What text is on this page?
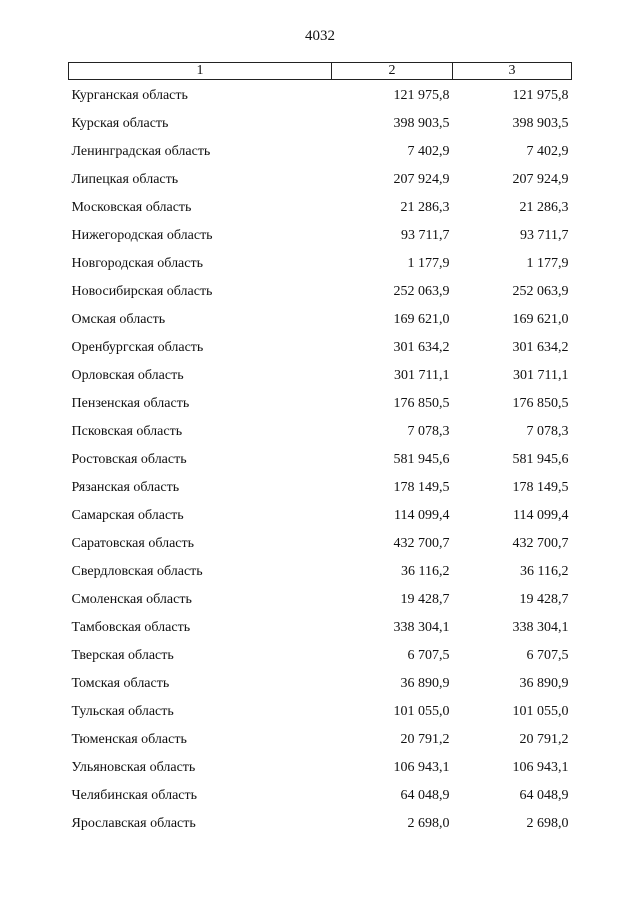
4032
1	2	3
Курганская область	121 975,8	121 975,8
Курская область	398 903,5	398 903,5
Ленинградская область	7 402,9	7 402,9
Липецкая область	207 924,9	207 924,9
Московская область	21 286,3	21 286,3
Нижегородская область	93 711,7	93 711,7
Новгородская область	1 177,9	1 177,9
Новосибирская область	252 063,9	252 063,9
Омская область	169 621,0	169 621,0
Оренбургская область	301 634,2	301 634,2
Орловская область	301 711,1	301 711,1
Пензенская область	176 850,5	176 850,5
Псковская область	7 078,3	7 078,3
Ростовская область	581 945,6	581 945,6
Рязанская область	178 149,5	178 149,5
Самарская область	114 099,4	114 099,4
Саратовская область	432 700,7	432 700,7
Свердловская область	36 116,2	36 116,2
Смоленская область	19 428,7	19 428,7
Тамбовская область	338 304,1	338 304,1
Тверская область	6 707,5	6 707,5
Томская область	36 890,9	36 890,9
Тульская область	101 055,0	101 055,0
Тюменская область	20 791,2	20 791,2
Ульяновская область	106 943,1	106 943,1
Челябинская область	64 048,9	64 048,9
Ярославская область	2 698,0	2 698,0
